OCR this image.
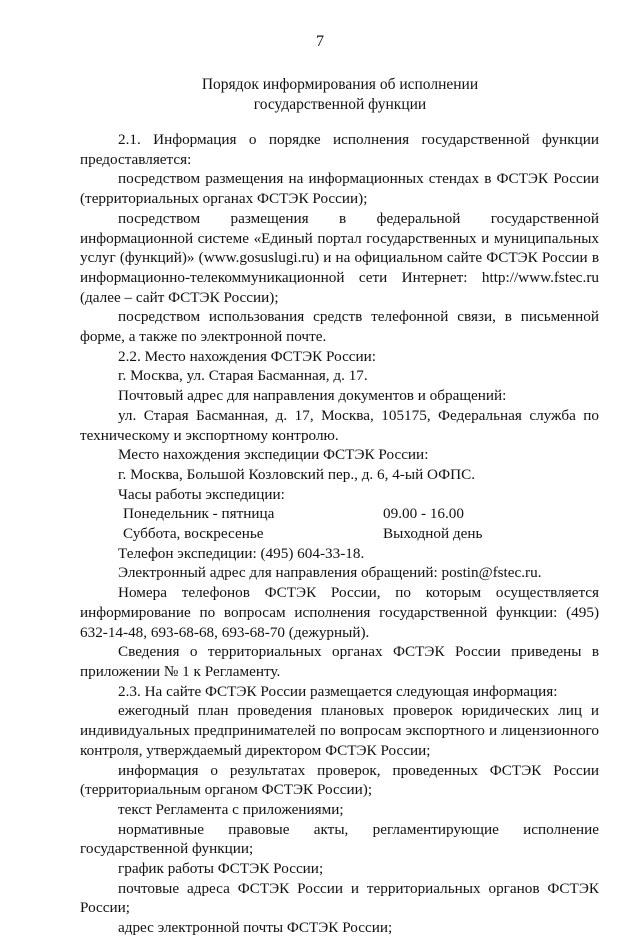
7
Порядок информирования об исполнении
государственной функции

2.1. Информация о порядке исполнения государственной функции предоставляется:

посредством размещения на информационных стендах в ФСТЭК России (территориальных органах ФСТЭК России);

посредством размещения в федеральной государственной информационной системе «Единый портал государственных и муниципальных услуг (функций)» (www.gosuslugi.ru) и на официальном сайте ФСТЭК России в информационно-телекоммуникационной сети Интернет: http://www.fstec.ru (далее – сайт ФСТЭК России);

посредством использования средств телефонной связи, в письменной форме, а также по электронной почте.

2.2. Место нахождения ФСТЭК России:

г. Москва, ул. Старая Басманная, д. 17.

Почтовый адрес для направления документов и обращений:

ул. Старая Басманная, д. 17, Москва, 105175, Федеральная служба по техническому и экспортному контролю.

Место нахождения экспедиции ФСТЭК России:

г. Москва, Большой Козловский пер., д. 6, 4-ый ОФПС.

Часы работы экспедиции:

Понедельник - пятница	09.00 - 16.00
Суббота, воскресенье	Выходной день

Телефон экспедиции: (495) 604-33-18.

Электронный адрес для направления обращений: postin@fstec.ru.

Номера телефонов ФСТЭК России, по которым осуществляется информирование по вопросам исполнения государственной функции: (495) 632-14-48, 693-68-68, 693-68-70 (дежурный).

Сведения о территориальных органах ФСТЭК России приведены в приложении № 1 к Регламенту.

2.3. На сайте ФСТЭК России размещается следующая информация:

ежегодный план проведения плановых проверок юридических лиц и индивидуальных предпринимателей по вопросам экспортного и лицензионного контроля, утверждаемый директором ФСТЭК России;

информация о результатах проверок, проведенных ФСТЭК России (территориальным органом ФСТЭК России);

текст Регламента с приложениями;

нормативные правовые акты, регламентирующие исполнение государственной функции;

график работы ФСТЭК России;

почтовые адреса ФСТЭК России и территориальных органов ФСТЭК России;

адрес электронной почты ФСТЭК России;
